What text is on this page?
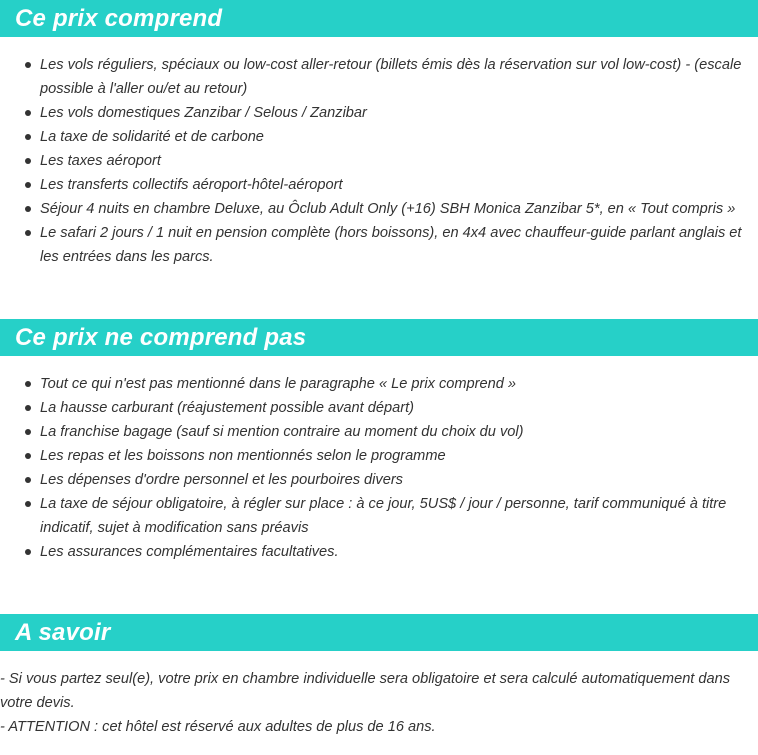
Ce prix comprend
Les vols réguliers, spéciaux ou low-cost aller-retour (billets émis dès la réservation sur vol low-cost) - (escale possible à l'aller ou/et au retour)
Les vols domestiques Zanzibar / Selous / Zanzibar
La taxe de solidarité et de carbone
Les taxes aéroport
Les transferts collectifs aéroport-hôtel-aéroport
Séjour 4 nuits en chambre Deluxe, au Ôclub Adult Only (+16) SBH Monica Zanzibar 5*, en « Tout compris »
Le safari 2 jours / 1 nuit en pension complète (hors boissons), en 4x4 avec chauffeur-guide parlant anglais et les entrées dans les parcs.
Ce prix ne comprend pas
Tout ce qui n'est pas mentionné dans le paragraphe « Le prix comprend »
La hausse carburant (réajustement possible avant départ)
La franchise bagage (sauf si mention contraire au moment du choix du vol)
Les repas et les boissons non mentionnés selon le programme
Les dépenses d'ordre personnel et les pourboires divers
La taxe de séjour obligatoire, à régler sur place : à ce jour, 5US$ / jour / personne, tarif communiqué à titre indicatif, sujet à modification sans préavis
Les assurances complémentaires facultatives.
A savoir

- Si vous partez seul(e), votre prix en chambre individuelle sera obligatoire et sera calculé automatiquement dans votre devis.

- ATTENTION : cet hôtel est réservé aux adultes de plus de 16 ans.
